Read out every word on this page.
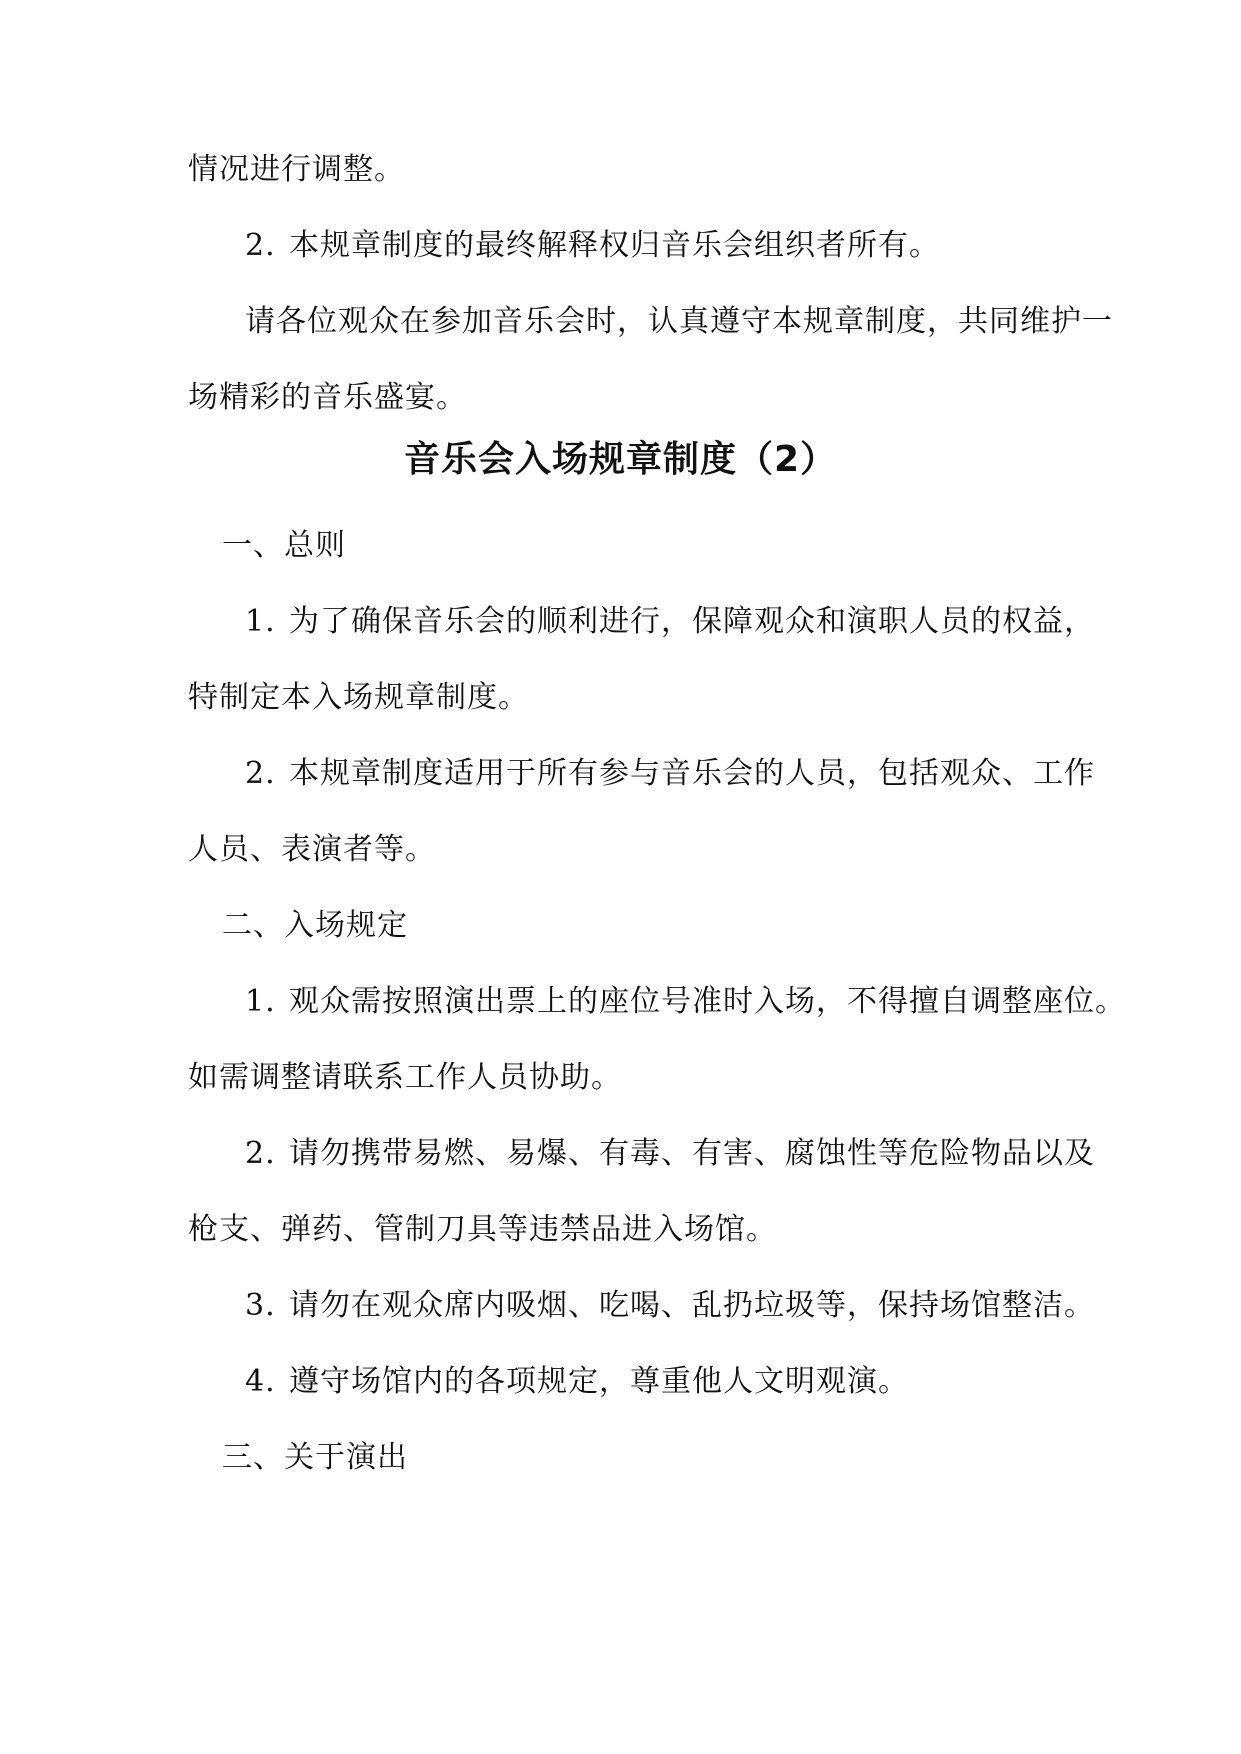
情况进行调整。
2. 本规章制度的最终解释权归音乐会组织者所有。
请各位观众在参加音乐会时，认真遵守本规章制度，共同维护一
场精彩的音乐盛宴。
音乐会入场规章制度（2）
一、总则
1. 为了确保音乐会的顺利进行，保障观众和演职人员的权益，
特制定本入场规章制度。
2. 本规章制度适用于所有参与音乐会的人员，包括观众、工作
人员、表演者等。
二、入场规定
1. 观众需按照演出票上的座位号准时入场，不得擅自调整座位。
如需调整请联系工作人员协助。
2. 请勿携带易燃、易爆、有毒、有害、腐蚀性等危险物品以及
枪支、弹药、管制刀具等违禁品进入场馆。
3. 请勿在观众席内吸烟、吃喝、乱扔垃圾等，保持场馆整洁。
4. 遵守场馆内的各项规定，尊重他人文明观演。
三、关于演出
